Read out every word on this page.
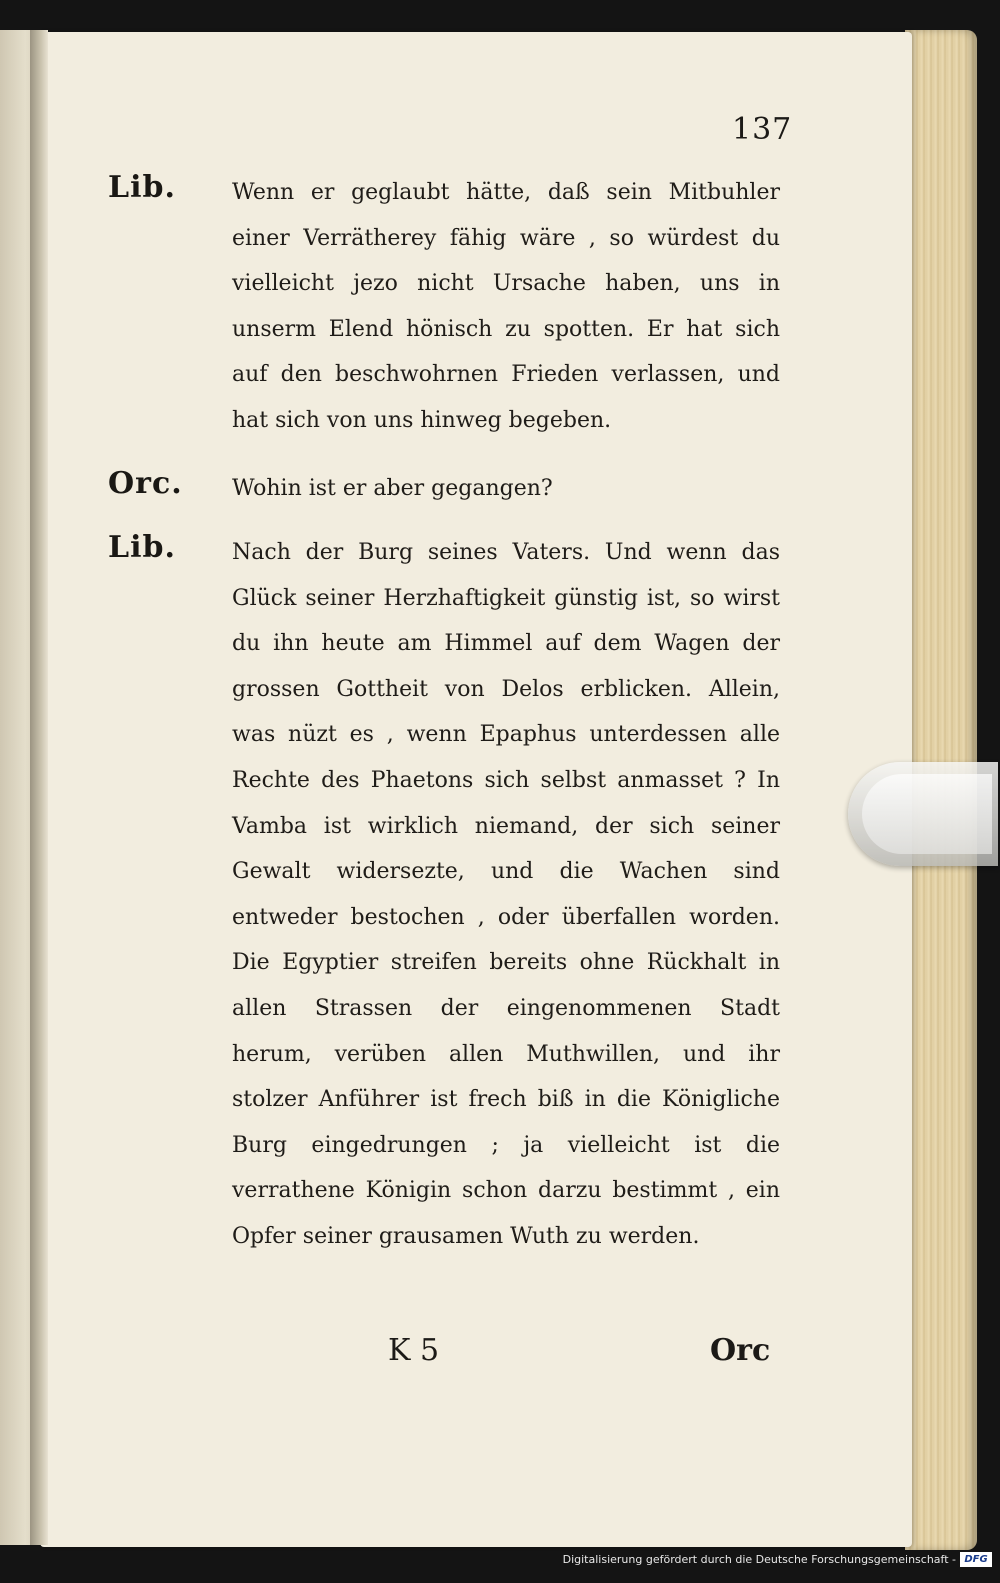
137
Lib.	Wenn er geglaubt hätte, daß sein Mitbuhler einer Verrätherey fähig wäre , so würdest du vielleicht jezo nicht Ursache haben, uns in unserm Elend hönisch zu spotten. Er hat sich auf den beschwohrnen Frieden verlassen, und hat sich von uns hinweg begeben.
Orc. Wohin ist er aber gegangen?
Lib.	Nach der Burg seines Vaters. Und wenn das Glück seiner Herzhaftigkeit günstig ist, so wirst du ihn heute am Himmel auf dem Wagen der grossen Gottheit von Delos erblicken. Allein, was nüzt es , wenn Epaphus unterdessen alle Rechte des Phaetons sich selbst anmasset ? In Vamba ist wirklich niemand, der sich seiner Gewalt widersezte, und die Wachen sind entweder bestochen , oder überfallen worden. Die Egyptier streifen bereits ohne Rückhalt in allen Strassen der eingenommenen Stadt herum, verüben allen Muthwillen, und ihr stolzer Anführer ist frech biß in die Königliche Burg eingedrungen ; ja vielleicht ist die verrathene Königin schon darzu bestimmt , ein Opfer seiner grausamen Wuth zu werden.
K 5	Orc
Digitalisierung gefördert durch die Deutsche Forschungsgemeinschaft - DFG
